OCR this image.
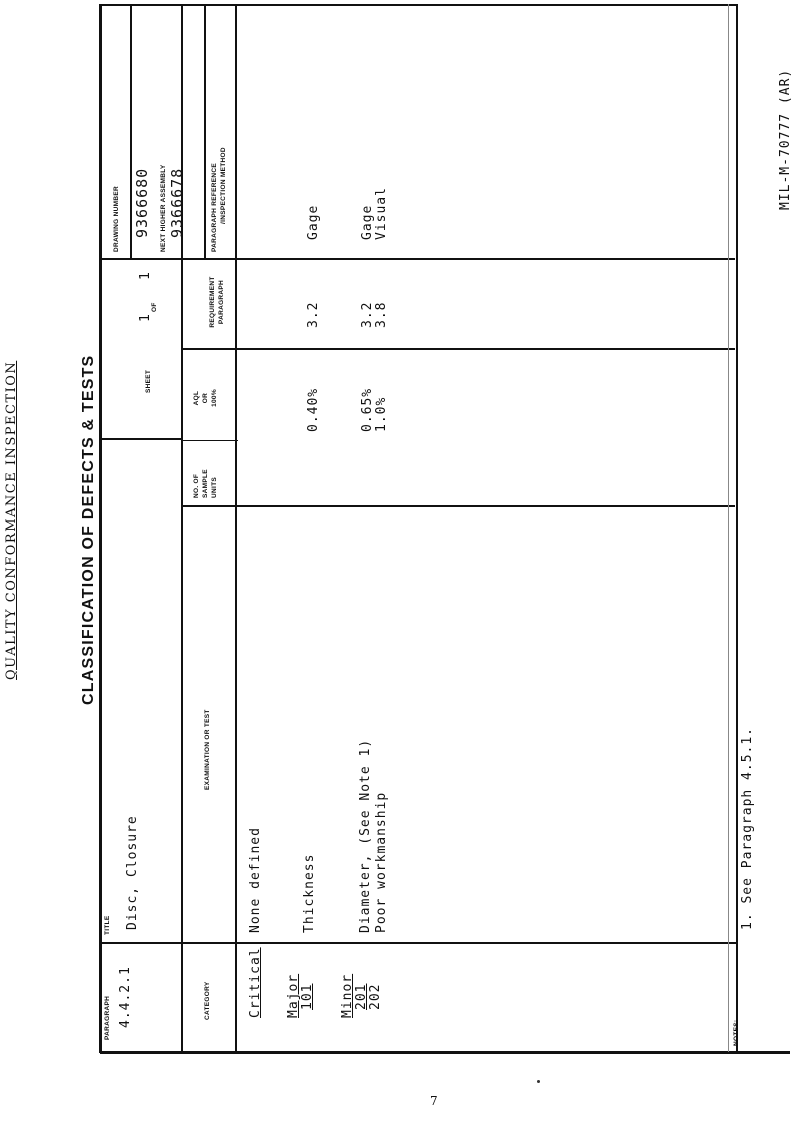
QUALITY CONFORMANCE INSPECTION	CLASSIFICATION OF DEFECTS & TESTS
MIL-M-70777 (AR)
7
PARAGRAPH 4.4.2.1
TITLE Disc, Closure
SHEET
1
OF
1
DRAWING NUMBER 9366680 NEXT HIGHER ASSEMBLY 9366678
CATEGORY
EXAMINATION OR TEST
NO. OF SAMPLE UNITS
AQL OR 100%
REQUIREMENT PARAGRAPH
PARAGRAPH REFERENCE /INSPECTION METHOD
Critical
None defined
Major 101
Thickness
0.40%
3.2
Gage
Minor 201 202
Diameter, (See Note 1) Poor workmanship
0.65% 1.0%
3.2 3.8
Gage Visual
NOTES:
1. See Paragraph 4.5.1.
